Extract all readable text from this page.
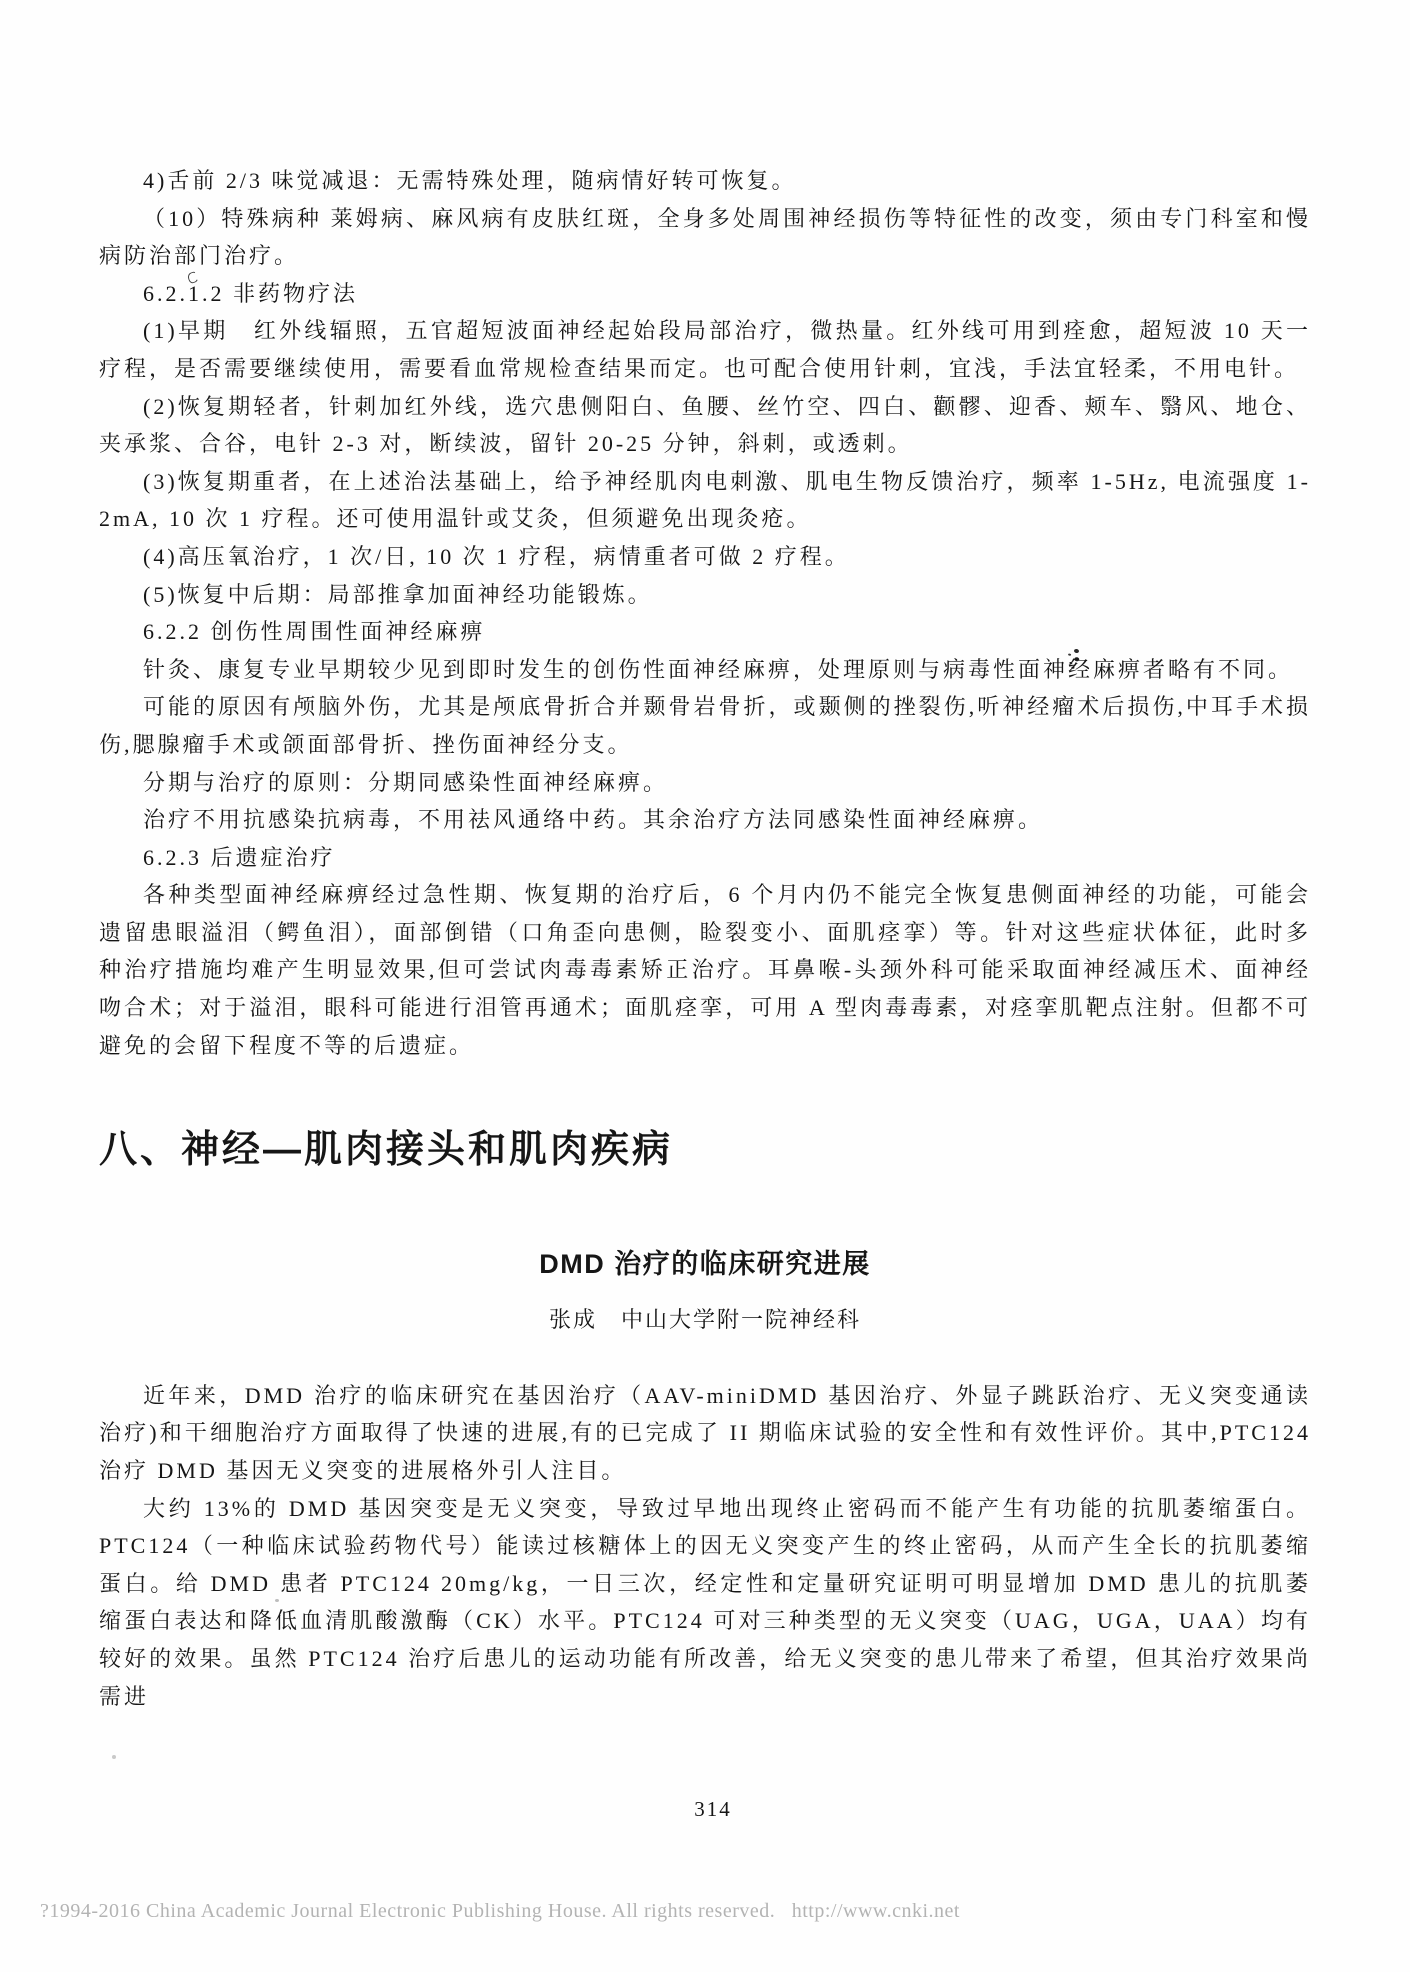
4)舌前 2/3 味觉减退：无需特殊处理，随病情好转可恢复。

（10）特殊病种 莱姆病、麻风病有皮肤红斑，全身多处周围神经损伤等特征性的改变，须由专门科室和慢病防治部门治疗。

6.2.1.2 非药物疗法

(1)早期　红外线辐照，五官超短波面神经起始段局部治疗，微热量。红外线可用到痊愈，超短波 10 天一疗程，是否需要继续使用，需要看血常规检查结果而定。也可配合使用针刺，宜浅，手法宜轻柔，不用电针。

(2)恢复期轻者，针刺加红外线，选穴患侧阳白、鱼腰、丝竹空、四白、颧髎、迎香、颊车、翳风、地仓、夹承浆、合谷，电针 2-3 对，断续波，留针 20-25 分钟，斜刺，或透刺。

(3)恢复期重者，在上述治法基础上，给予神经肌肉电刺激、肌电生物反馈治疗，频率 1-5Hz, 电流强度 1-2mA, 10 次 1 疗程。还可使用温针或艾灸，但须避免出现灸疮。

(4)高压氧治疗，1 次/日, 10 次 1 疗程，病情重者可做 2 疗程。

(5)恢复中后期：局部推拿加面神经功能锻炼。

6.2.2 创伤性周围性面神经麻痹

针灸、康复专业早期较少见到即时发生的创伤性面神经麻痹，处理原则与病毒性面神经麻痹者略有不同。

可能的原因有颅脑外伤，尤其是颅底骨折合并颞骨岩骨折，或颞侧的挫裂伤,听神经瘤术后损伤,中耳手术损伤,腮腺瘤手术或颌面部骨折、挫伤面神经分支。

分期与治疗的原则：分期同感染性面神经麻痹。

治疗不用抗感染抗病毒，不用祛风通络中药。其余治疗方法同感染性面神经麻痹。

6.2.3 后遗症治疗

各种类型面神经麻痹经过急性期、恢复期的治疗后，6 个月内仍不能完全恢复患侧面神经的功能，可能会遗留患眼溢泪（鳄鱼泪），面部倒错（口角歪向患侧，睑裂变小、面肌痉挛）等。针对这些症状体征，此时多种治疗措施均难产生明显效果,但可尝试肉毒毒素矫正治疗。耳鼻喉-头颈外科可能采取面神经减压术、面神经吻合术；对于溢泪，眼科可能进行泪管再通术；面肌痉挛，可用 A 型肉毒毒素，对痉挛肌靶点注射。但都不可避免的会留下程度不等的后遗症。

八、神经—肌肉接头和肌肉疾病
DMD 治疗的临床研究进展
张成　中山大学附一院神经科

近年来，DMD 治疗的临床研究在基因治疗（AAV-miniDMD 基因治疗、外显子跳跃治疗、无义突变通读治疗)和干细胞治疗方面取得了快速的进展,有的已完成了 II 期临床试验的安全性和有效性评价。其中,PTC124 治疗 DMD 基因无义突变的进展格外引人注目。

大约 13%的 DMD 基因突变是无义突变，导致过早地出现终止密码而不能产生有功能的抗肌萎缩蛋白。PTC124（一种临床试验药物代号）能读过核糖体上的因无义突变产生的终止密码，从而产生全长的抗肌萎缩蛋白。给 DMD 患者 PTC124 20mg/kg，一日三次，经定性和定量研究证明可明显增加 DMD 患儿的抗肌萎缩蛋白表达和降低血清肌酸激酶（CK）水平。PTC124 可对三种类型的无义突变（UAG，UGA，UAA）均有较好的效果。虽然 PTC124 治疗后患儿的运动功能有所改善，给无义突变的患儿带来了希望，但其治疗效果尚需进

314
?1994-2016 China Academic Journal Electronic Publishing House. All rights reserved.   http://www.cnki.net
